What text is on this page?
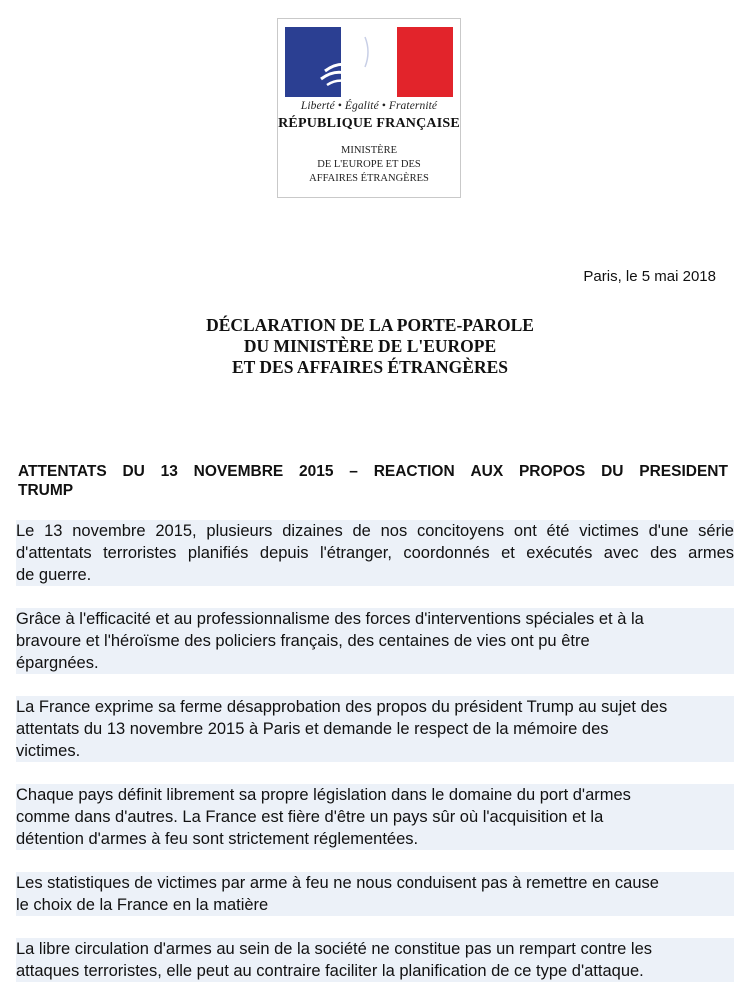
Liberté • Égalité • Fraternité
RÉPUBLIQUE FRANÇAISE
MINISTÈRE
DE L'EUROPE ET DES
AFFAIRES ÉTRANGÈRES
Paris, le 5 mai 2018
DÉCLARATION DE LA PORTE-PAROLE
DU MINISTÈRE DE L'EUROPE
ET DES AFFAIRES ÉTRANGÈRES
ATTENTATS DU 13 NOVEMBRE 2015 – REACTION AUX PROPOS DU PRESIDENT
TRUMP
Le 13 novembre 2015, plusieurs dizaines de nos concitoyens ont été victimes d'une série
d'attentats terroristes planifiés depuis l'étranger, coordonnés et exécutés avec des armes
de guerre.
Grâce à l'efficacité et au professionnalisme des forces d'interventions spéciales et à la
bravoure et l'héroïsme des policiers français, des centaines de vies ont pu être
épargnées.
La France exprime sa ferme désapprobation des propos du président Trump au sujet des
attentats du 13 novembre 2015 à Paris et demande le respect de la mémoire des
victimes.
Chaque pays définit librement sa propre législation dans le domaine du port d'armes
comme dans d'autres. La France est fière d'être un pays sûr où l'acquisition et la
détention d'armes à feu sont strictement réglementées.
Les statistiques de victimes par arme à feu ne nous conduisent pas à remettre en cause
le choix de la France en la matière
La libre circulation d'armes au sein de la société ne constitue pas un rempart contre les
attaques terroristes, elle peut au contraire faciliter la planification de ce type d'attaque.
